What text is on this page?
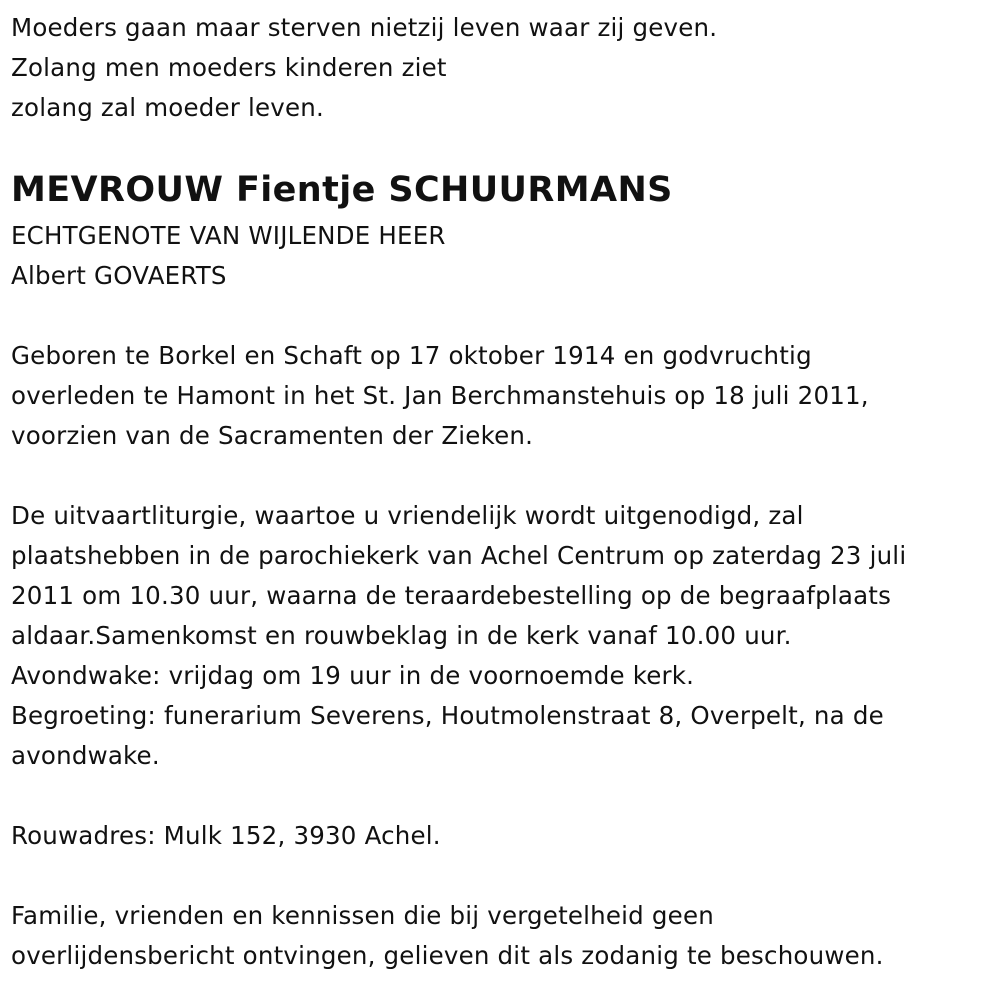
Moeders gaan maar sterven nietzij leven waar zij geven.
Zolang men moeders kinderen ziet
zolang zal moeder leven.
MEVROUW Fientje SCHUURMANS
ECHTGENOTE VAN WIJLENDE HEER
Albert GOVAERTS
Geboren te Borkel en Schaft op 17 oktober 1914 en godvruchtig
overleden te Hamont in het St. Jan Berchmanstehuis op 18 juli 2011,
voorzien van de Sacramenten der Zieken.
De uitvaartliturgie, waartoe u vriendelijk wordt uitgenodigd, zal
plaatshebben in de parochiekerk van Achel Centrum op zaterdag 23 juli
2011 om 10.30 uur, waarna de teraardebestelling op de begraafplaats
aldaar.Samenkomst en rouwbeklag in de kerk vanaf 10.00 uur.
Avondwake: vrijdag om 19 uur in de voornoemde kerk.
Begroeting: funerarium Severens, Houtmolenstraat 8, Overpelt, na de
avondwake.
Rouwadres: Mulk 152, 3930 Achel.
Familie, vrienden en kennissen die bij vergetelheid geen
overlijdensbericht ontvingen, gelieven dit als zodanig te beschouwen.
